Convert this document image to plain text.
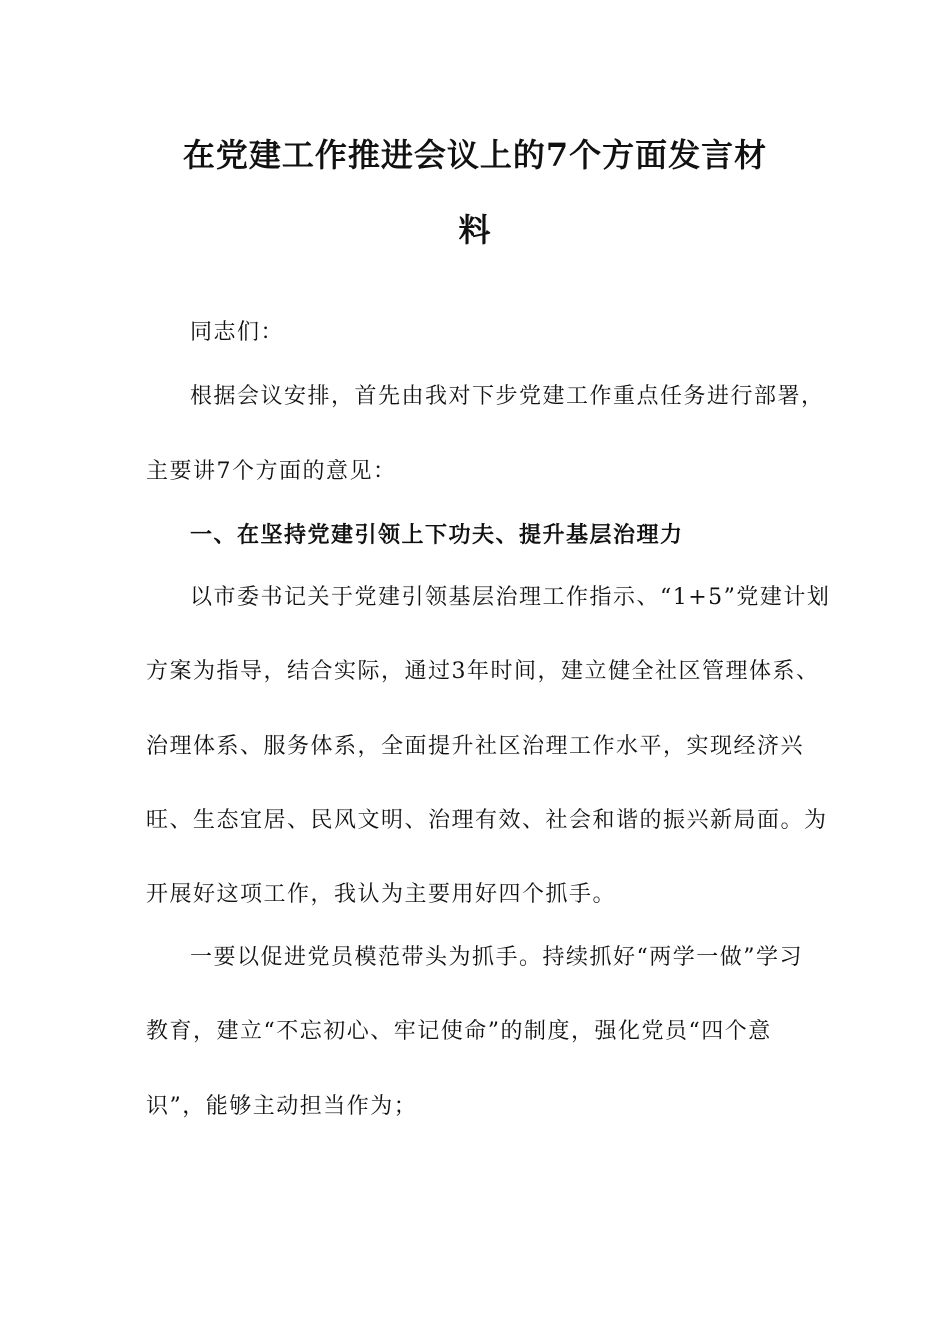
在党建工作推进会议上的7个方面发言材
料
同志们：
根据会议安排，首先由我对下步党建工作重点任务进行部署，
主要讲7个方面的意见：
一、在坚持党建引领上下功夫、提升基层治理力
以市委书记关于党建引领基层治理工作指示、“1+5”党建计划
方案为指导，结合实际，通过3年时间，建立健全社区管理体系、
治理体系、服务体系，全面提升社区治理工作水平，实现经济兴
旺、生态宜居、民风文明、治理有效、社会和谐的振兴新局面。为
开展好这项工作，我认为主要用好四个抓手。
一要以促进党员模范带头为抓手。持续抓好“两学一做”学习
教育，建立“不忘初心、牢记使命”的制度，强化党员“四个意
识”，能够主动担当作为；
